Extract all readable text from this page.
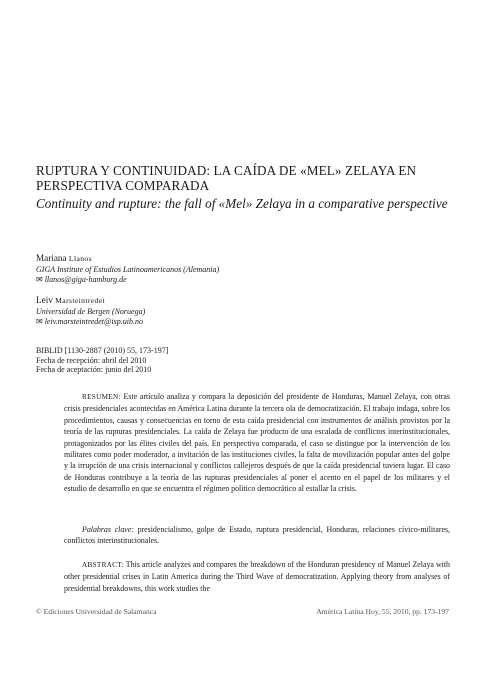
RUPTURA Y CONTINUIDAD: LA CAÍDA DE «MEL» ZELAYA EN PERSPECTIVA COMPARADA
Continuity and rupture: the fall of «Mel» Zelaya in a comparative perspective
Mariana Llanos
GIGA Institute of Estudios Latinoamericanos (Alemania)
✉ llanos@giga-hamburg.de
Leiv Marsteintredet
Universidad de Bergen (Noruega)
✉ leiv.marsteintredet@isp.uib.no
BIBLID [1130-2887 (2010) 55, 173-197]
Fecha de recepción: abril del 2010
Fecha de aceptación: junio del 2010
RESUMEN: Este artículo analiza y compara la deposición del presidente de Honduras, Manuel Zelaya, con otras crisis presidenciales acontecidas en América Latina durante la tercera ola de democratización. El trabajo indaga, sobre los procedimientos, causas y consecuencias en torno de esta caída presidencial con instrumentos de análisis provistos por la teoría de las rupturas presidenciales. La caída de Zelaya fue producto de una escalada de conflictos interinstitucionales, protagonizados por las élites civiles del país. En perspectiva comparada, el caso se distingue por la intervención de los militares como poder moderador, a invitación de las instituciones civiles, la falta de movilización popular antes del golpe y la irrupción de una crisis internacional y conflictos callejeros después de que la caída presidencial tuviera lugar. El caso de Honduras contribuye a la teoría de las rupturas presidenciales al poner el acento en el papel de los militares y el estudio de desarrollo en que se encuentra el régimen político democrático al estallar la crisis.
Palabras clave: presidencialismo, golpe de Estado, ruptura presidencial, Honduras, relaciones cívico-militares, conflictos interinstitucionales.
ABSTRACT: This article analyzes and compares the breakdown of the Honduran presidency of Manuel Zelaya with other presidential crises in Latin America during the Third Wave of democratization. Applying theory from analyses of presidential breakdowns, this work studies the
© Ediciones Universidad de Salamanca	América Latina Hoy, 55, 2010, pp. 173-197
